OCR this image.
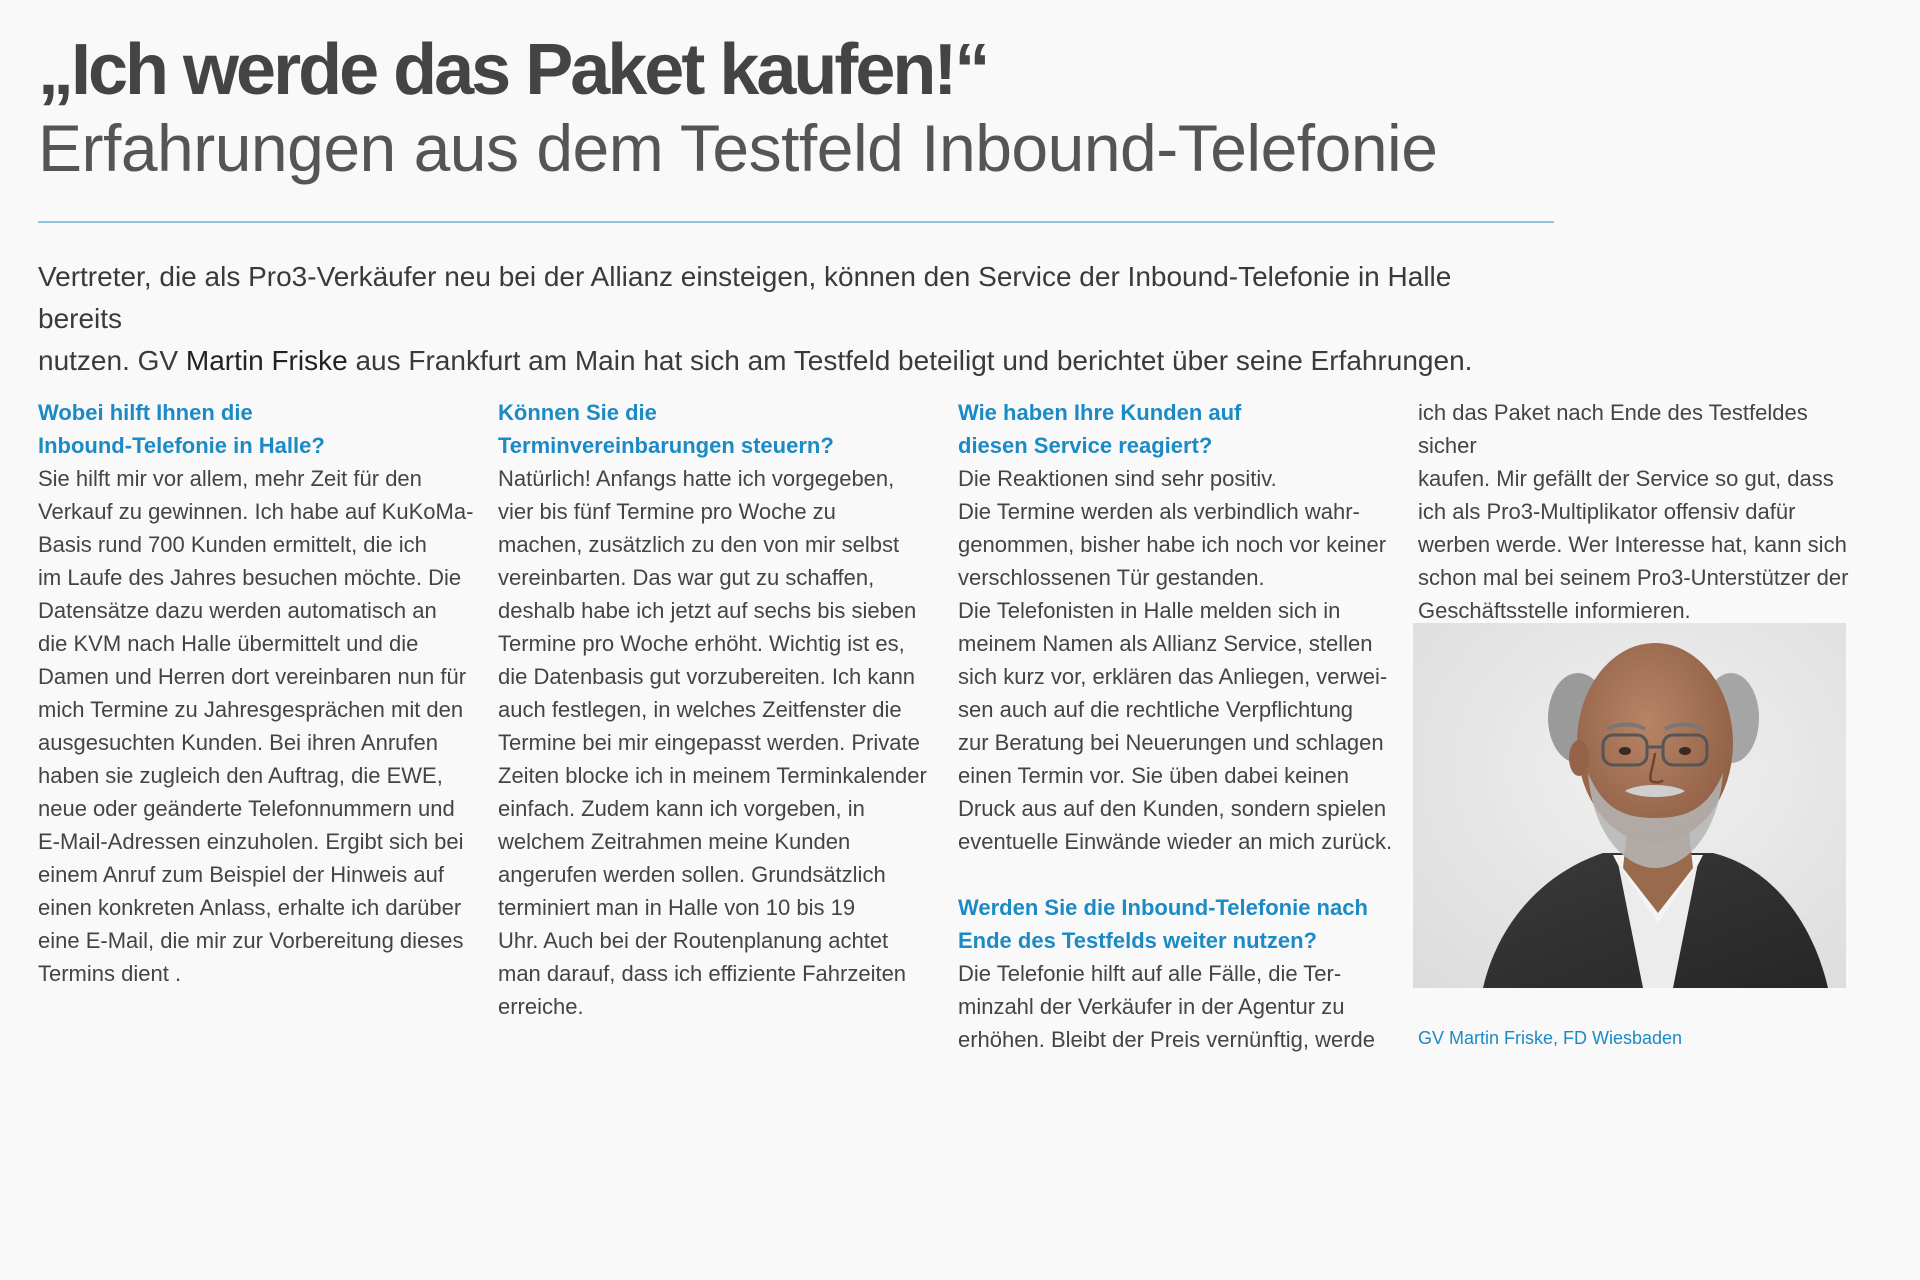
„Ich werde das Paket kaufen!“
Erfahrungen aus dem Testfeld Inbound-Telefonie

Vertreter, die als Pro3-Verkäufer neu bei der Allianz einsteigen, können den Service der Inbound-Telefonie in Halle bereits
nutzen. GV Martin Friske aus Frankfurt am Main hat sich am Testfeld beteiligt und berichtet über seine Erfahrungen.

Wobei hilft Ihnen die
Inbound-Telefonie in Halle?

Sie hilft mir vor allem, mehr Zeit für den
Verkauf zu gewinnen. Ich habe auf KuKoMa-
Basis rund 700 Kunden ermittelt, die ich
im Laufe des Jahres besuchen möchte. Die
Datensätze dazu werden automatisch an
die KVM nach Halle übermittelt und die
Damen und Herren dort vereinbaren nun für
mich Termine zu Jahresgesprächen mit den
ausgesuchten Kunden. Bei ihren Anrufen
haben sie zugleich den Auftrag, die EWE,
neue oder geänderte Telefonnummern und
E-Mail-Adressen einzuholen. Ergibt sich bei
einem Anruf zum Beispiel der Hinweis auf
einen konkreten Anlass, erhalte ich darüber
eine E-Mail, die mir zur Vorbereitung dieses
Termins dient .

Können Sie die
Terminvereinbarungen steuern?

Natürlich! Anfangs hatte ich vorgegeben,
vier bis fünf Termine pro Woche zu
machen, zusätzlich zu den von mir selbst
vereinbarten. Das war gut zu schaffen,
deshalb habe ich jetzt auf sechs bis sieben
Termine pro Woche erhöht. Wichtig ist es,
die Datenbasis gut vorzubereiten. Ich kann
auch festlegen, in welches Zeitfenster die
Termine bei mir eingepasst werden. Private
Zeiten blocke ich in meinem Terminkalender
einfach. Zudem kann ich vorgeben, in
welchem Zeitrahmen meine Kunden
angerufen werden sollen. Grundsätzlich
terminiert man in Halle von 10 bis 19
Uhr. Auch bei der Routenplanung achtet
man darauf, dass ich effiziente Fahrzeiten
erreiche.

Wie haben Ihre Kunden auf
diesen Service reagiert?

Die Reaktionen sind sehr positiv.
Die Termine werden als verbindlich wahr-
genommen, bisher habe ich noch vor keiner
verschlossenen Tür gestanden.
Die Telefonisten in Halle melden sich in
meinem Namen als Allianz Service, stellen
sich kurz vor, erklären das Anliegen, verwei-
sen auch auf die rechtliche Verpflichtung
zur Beratung bei Neuerungen und schlagen
einen Termin vor. Sie üben dabei keinen
Druck aus auf den Kunden, sondern spielen
eventuelle Einwände wieder an mich zurück.

Werden Sie die Inbound-Telefonie nach
Ende des Testfelds weiter nutzen?

Die Telefonie hilft auf alle Fälle, die Ter-
minzahl der Verkäufer in der Agentur zu
erhöhen. Bleibt der Preis vernünftig, werde

ich das Paket nach Ende des Testfeldes sicher
kaufen. Mir gefällt der Service so gut, dass
ich als Pro3-Multiplikator offensiv dafür
werben werde. Wer Interesse hat, kann sich
schon mal bei seinem Pro3-Unterstützer der
Geschäftsstelle informieren.

GV Martin Friske, FD Wiesbaden
